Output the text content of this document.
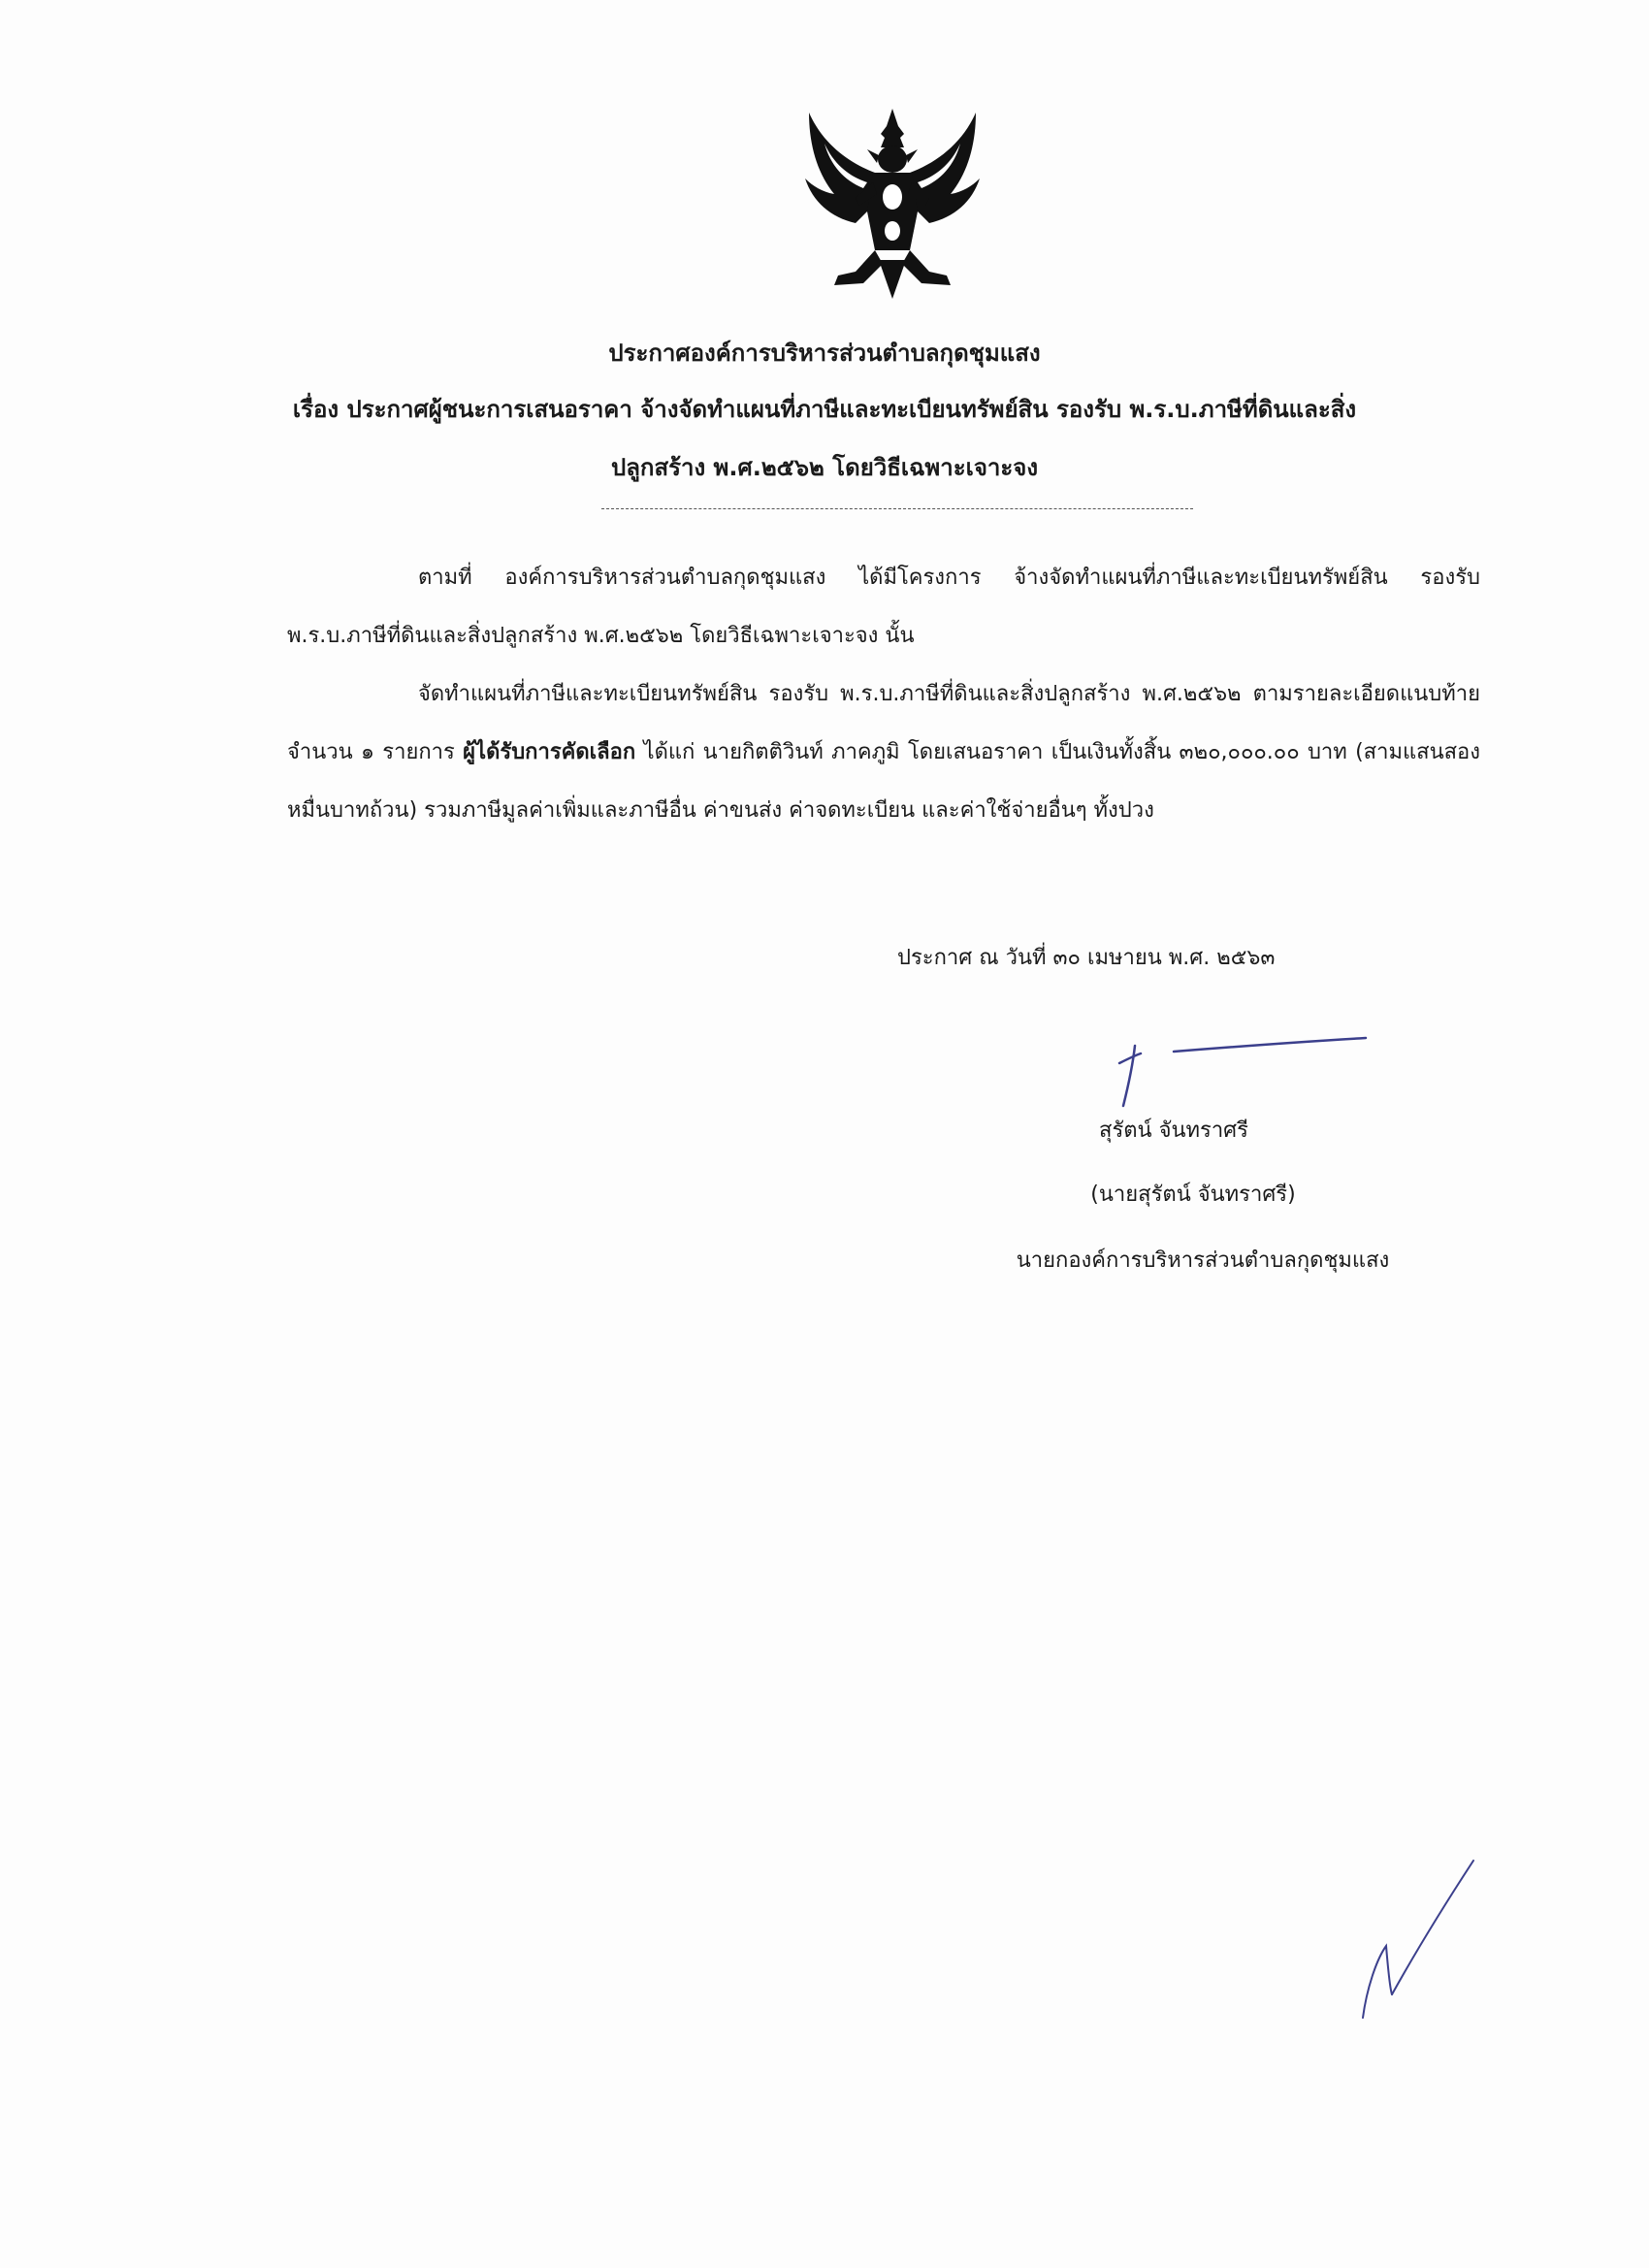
ประกาศองค์การบริหารส่วนตำบลกุดชุมแสง
เรื่อง ประกาศผู้ชนะการเสนอราคา จ้างจัดทำแผนที่ภาษีและทะเบียนทรัพย์สิน รองรับ พ.ร.บ.ภาษีที่ดินและสิ่ง
ปลูกสร้าง พ.ศ.๒๕๖๒ โดยวิธีเฉพาะเจาะจง
ตามที่ องค์การบริหารส่วนตำบลกุดชุมแสง ได้มีโครงการ จ้างจัดทำแผนที่ภาษีและทะเบียนทรัพย์สิน รองรับ พ.ร.บ.ภาษีที่ดินและสิ่งปลูกสร้าง พ.ศ.๒๕๖๒ โดยวิธีเฉพาะเจาะจง นั้น
จัดทำแผนที่ภาษีและทะเบียนทรัพย์สิน รองรับ พ.ร.บ.ภาษีที่ดินและสิ่งปลูกสร้าง พ.ศ.๒๕๖๒ ตามรายละเอียดแนบท้าย จำนวน ๑ รายการ ผู้ได้รับการคัดเลือก ได้แก่ นายกิตติวินท์ ภาคภูมิ โดยเสนอราคา เป็นเงินทั้งสิ้น ๓๒๐,๐๐๐.๐๐ บาท (สามแสนสองหมื่นบาทถ้วน) รวมภาษีมูลค่าเพิ่มและภาษีอื่น ค่าขนส่ง ค่าจดทะเบียน และค่าใช้จ่ายอื่นๆ ทั้งปวง
ประกาศ ณ วันที่ ๓๐ เมษายน พ.ศ. ๒๕๖๓
สุรัตน์ จันทราศรี
(นายสุรัตน์ จันทราศรี)
นายกองค์การบริหารส่วนตำบลกุดชุมแสง
